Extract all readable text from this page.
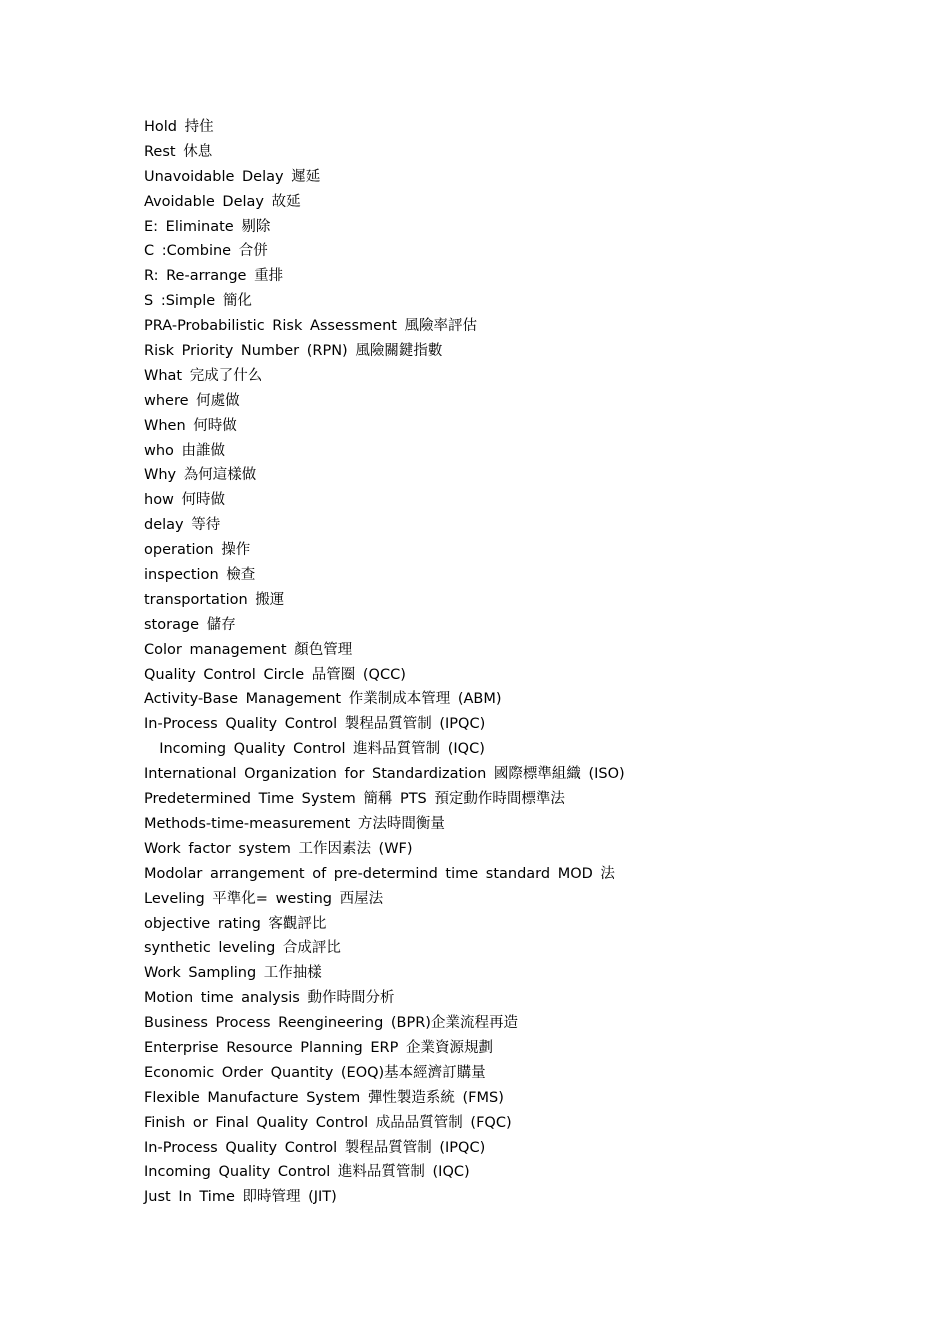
Hold 持住
Rest 休息
Unavoidable Delay 遲延
Avoidable Delay 故延
E: Eliminate 剔除
C :Combine 合併
R: Re-arrange 重排
S :Simple 簡化
PRA-Probabilistic Risk Assessment 風險率評估
Risk Priority Number (RPN) 風險關鍵指數
What 完成了什么
where 何處做
When 何時做
who 由誰做
Why 為何這樣做
how 何時做
delay 等待
operation 操作
inspection 檢查
transportation 搬運
storage 儲存
Color management 顏色管理
Quality Control Circle 品管圈 (QCC)
Activity-Base Management 作業制成本管理 (ABM)
In-Process Quality Control 製程品質管制 (IPQC)
Incoming Quality Control 進料品質管制 (IQC)
International Organization for Standardization 國際標準組織 (ISO)
Predetermined Time System 簡稱 PTS 預定動作時間標準法
Methods-time-measurement 方法時間衡量
Work factor system 工作因素法 (WF)
Modolar arrangement of pre-determind time standard MOD 法
Leveling 平準化= westing 西屋法
objective rating 客觀評比
synthetic leveling 合成評比
Work Sampling 工作抽樣
Motion time analysis 動作時間分析
Business Process Reengineering (BPR)企業流程再造
Enterprise Resource Planning ERP 企業資源規劃
Economic Order Quantity (EOQ)基本經濟訂購量
Flexible Manufacture System 彈性製造系統 (FMS)
Finish or Final Quality Control 成品品質管制 (FQC)
In-Process Quality Control 製程品質管制 (IPQC)
Incoming Quality Control 進料品質管制 (IQC)
Just In Time 即時管理 (JIT)
